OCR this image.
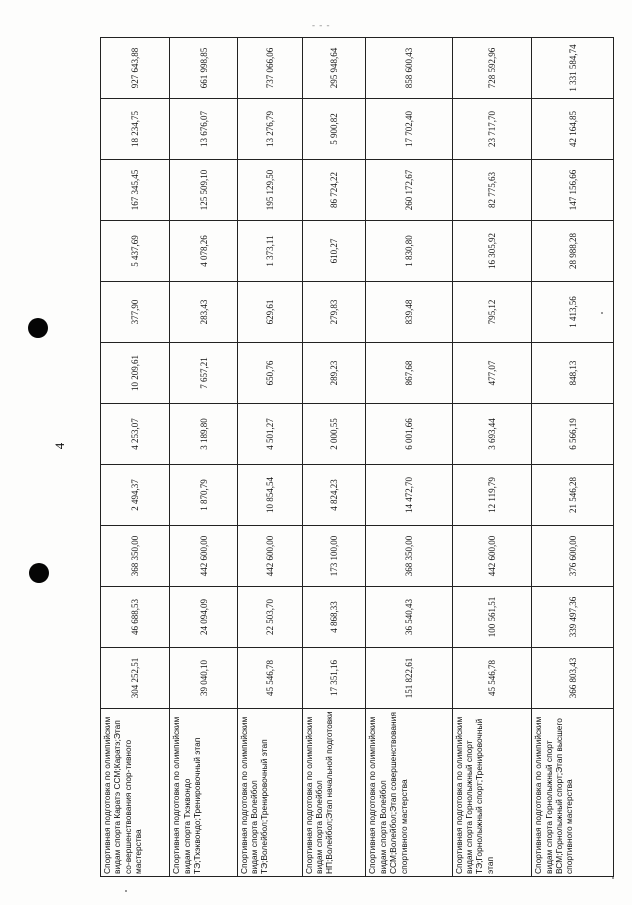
- - -
4
Спортивная подготовка по олимпийским видам спорта Каратэ ССМ;Каратэ;Этап со-вершенствования спор-тивного мастерства	304 252,51	46 688,53	368 350,00	2 494,37	4 253,07	10 209,61	377,90	5 437,69	167 345,45	18 234,75	927 643,88
Спортивная подготовка по олимпийским видам спорта Тхэквондо ТЭ;Тхэквондо;Тренировочный этап	39 040,10	24 094,09	442 600,00	1 870,79	3 189,80	7 657,21	283,43	4 078,26	125 509,10	13 676,07	661 998,85
Спортивная подготовка по олимпийским видам спорта Волейбол ТЭ;Волейбол;Тренировочный этап	45 546,78	22 503,70	442 600,00	10 854,54	4 501,27	650,76	629,61	1 373,11	195 129,50	13 276,79	737 066,06
Спортивная подготовка по олимпийским видам спорта Волейбол НП;Волейбол;Этап начальной подготовки	17 351,16	4 868,33	173 100,00	4 824,23	2 000,55	289,23	279,83	610,27	86 724,22	5 900,82	295 948,64
Спортивная подготовка по олимпийским видам спорта Волейбол ССМ;Волейбол;Этап совершенствования спортивного мастерства	151 822,61	36 540,43	368 350,00	14 472,70	6 001,66	867,68	839,48	1 830,80	260 172,67	17 702,40	858 600,43
Спортивная подготовка по олимпийским видам спорта Горнолыжный спорт ТЭ;Горнолыжный спорт;Тренировочный этап	45 546,78	100 561,51	442 600,00	12 119,79	3 693,44	477,07	795,12	16 305,92	82 775,63	23 717,70	728 592,96
Спортивная подготовка по олимпийским видам спорта Горнолыжный спорт ВСМ;Горнолыжный спорт;Этап высшего спортивного мастерства	366 803,43	339 497,36	376 600,00	21 546,28	6 566,19	848,13	1 413,56	28 988,28	147 156,66	42 164,85	1 331 584,74
